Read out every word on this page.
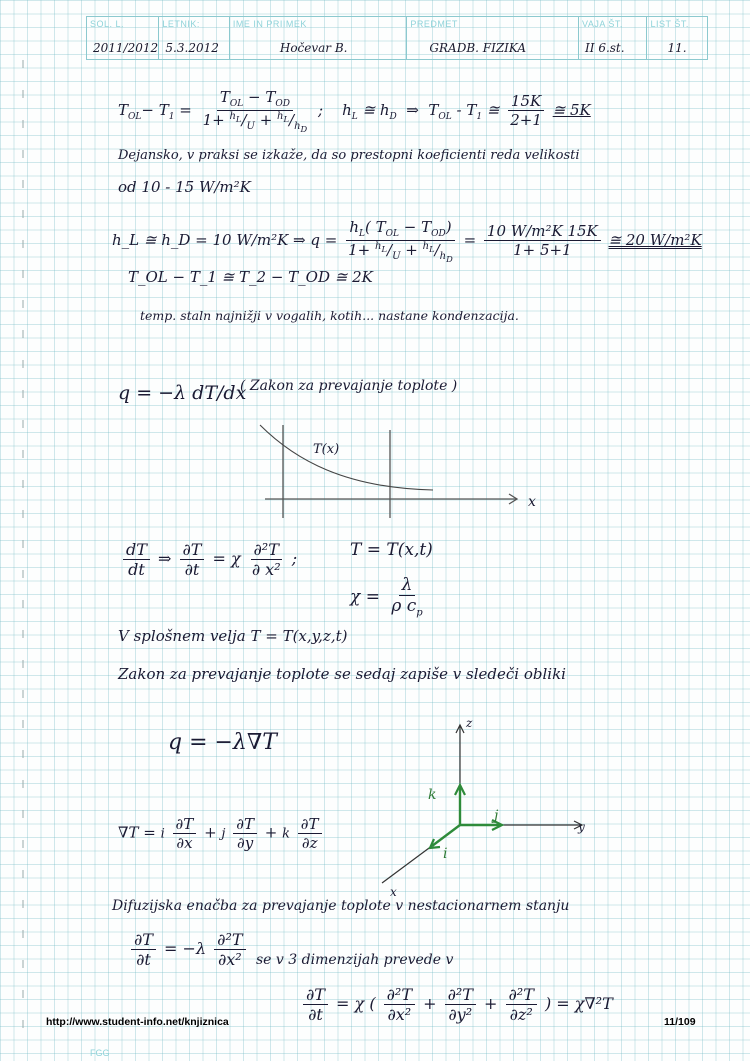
SOL. L.
2011/2012
LETNIK:
5.3.2012
IME IN PRIIMEK
Hočevar B.
PREDMET
GRADB. FIZIKA
VAJA ŠT.
II 6.st.
LIST ŠT.
11.
$T_{OL}- T_1 = \frac{T_{OL} - T_{OD}}{1+ ^{h_L}/_U + ^{h_L}/_{h_D}}$ ;    $h_L$ ≅ $h_D$  ⇒  $T_{OL} - T_1$ ≅ $\frac{15K}{2+1}$ ≅ 5K
Dejansko, v praksi se izkaže, da so prestopni koeficienti reda velikosti
od 10 - 15 W/m²K
h_L ≅ h_D = 10 W/m²K ⇒ $q = \frac{h_L( T_{OL} - T_{OD})}{1+ ^{h_L}/_U + ^{h_L}/_{h_D}} = \frac{\text{10 W/m²K 15K}}{1+ 5+1}$ ≅ 20 W/m²K
T_OL − T_1 ≅ T_2 − T_OD ≅ 2K
temp. staln najnižji v vogalih, kotih... nastane kondenzacija.
q = −λ dT/dx
( Zakon za prevajanje toplote )
T(x)
x
$\frac{dT}{dt}$ ⇒ $\frac{\partial T}{\partial t} = \chi \frac{\text{∂²T}}{\text{∂ x²}}$ ;	T = T(x,t)
$\chi = \frac{\lambda}{\rho c_p}$
V splošnem velja T = T(x,y,z,t)
Zakon za prevajanje toplote se sedaj zapiše v sledeči obliki
q = −λ∇T
∇T = i $\frac{\partial T}{\partial x} + j \frac{\partial T}{\partial y} + k \frac{\partial T}{\partial z}$
z
y
x
k
j
i
Difuzijska enačba za prevajanje toplote v nestacionarnem stanju
$\frac{\partial T}{\partial t} = -\lambda \frac{\text{∂²T}}{\text{∂x²}}$ se v 3 dimenzijah prevede v
$\frac{\partial T}{\partial t} = \chi$ ( $\frac{\text{∂²T}}{\text{∂x²}} + \frac{\text{∂²T}}{\text{∂y²}} + \frac{\text{∂²T}}{\text{∂z²}}$ ) = χ∇²T
http://www.student-info.net/knjiznica	11/109
FGG
